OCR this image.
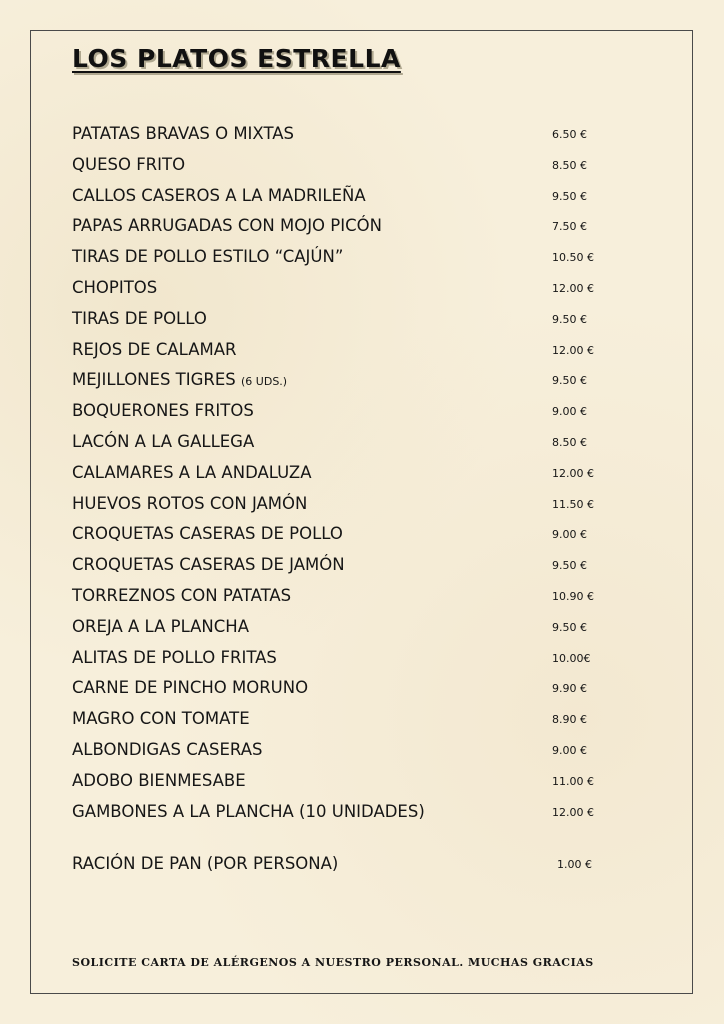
LOS PLATOS ESTRELLA
PATATAS BRAVAS O MIXTAS	6.50 €
QUESO FRITO	8.50 €
CALLOS CASEROS A LA MADRILEÑA	9.50 €
PAPAS ARRUGADAS CON MOJO PICÓN	7.50 €
TIRAS DE POLLO ESTILO “CAJÚN”	10.50 €
CHOPITOS	12.00 €
TIRAS DE POLLO	9.50 €
REJOS DE CALAMAR	12.00 €
MEJILLONES TIGRES (6 UDS.)	9.50 €
BOQUERONES FRITOS	9.00 €
LACÓN A LA GALLEGA	8.50 €
CALAMARES A LA ANDALUZA	12.00 €
HUEVOS ROTOS CON JAMÓN	11.50 €
CROQUETAS CASERAS DE POLLO	9.00 €
CROQUETAS CASERAS DE JAMÓN	9.50 €
TORREZNOS CON PATATAS	10.90 €
OREJA A LA PLANCHA	9.50 €
ALITAS DE POLLO FRITAS	10.00€
CARNE DE PINCHO MORUNO	9.90 €
MAGRO CON TOMATE	8.90 €
ALBONDIGAS CASERAS	9.00 €
ADOBO BIENMESABE	11.00 €
GAMBONES A LA PLANCHA (10 UNIDADES)	12.00 €
RACIÓN DE PAN (POR PERSONA)	1.00 €
SOLICITE CARTA DE ALÉRGENOS A NUESTRO PERSONAL. MUCHAS GRACIAS
